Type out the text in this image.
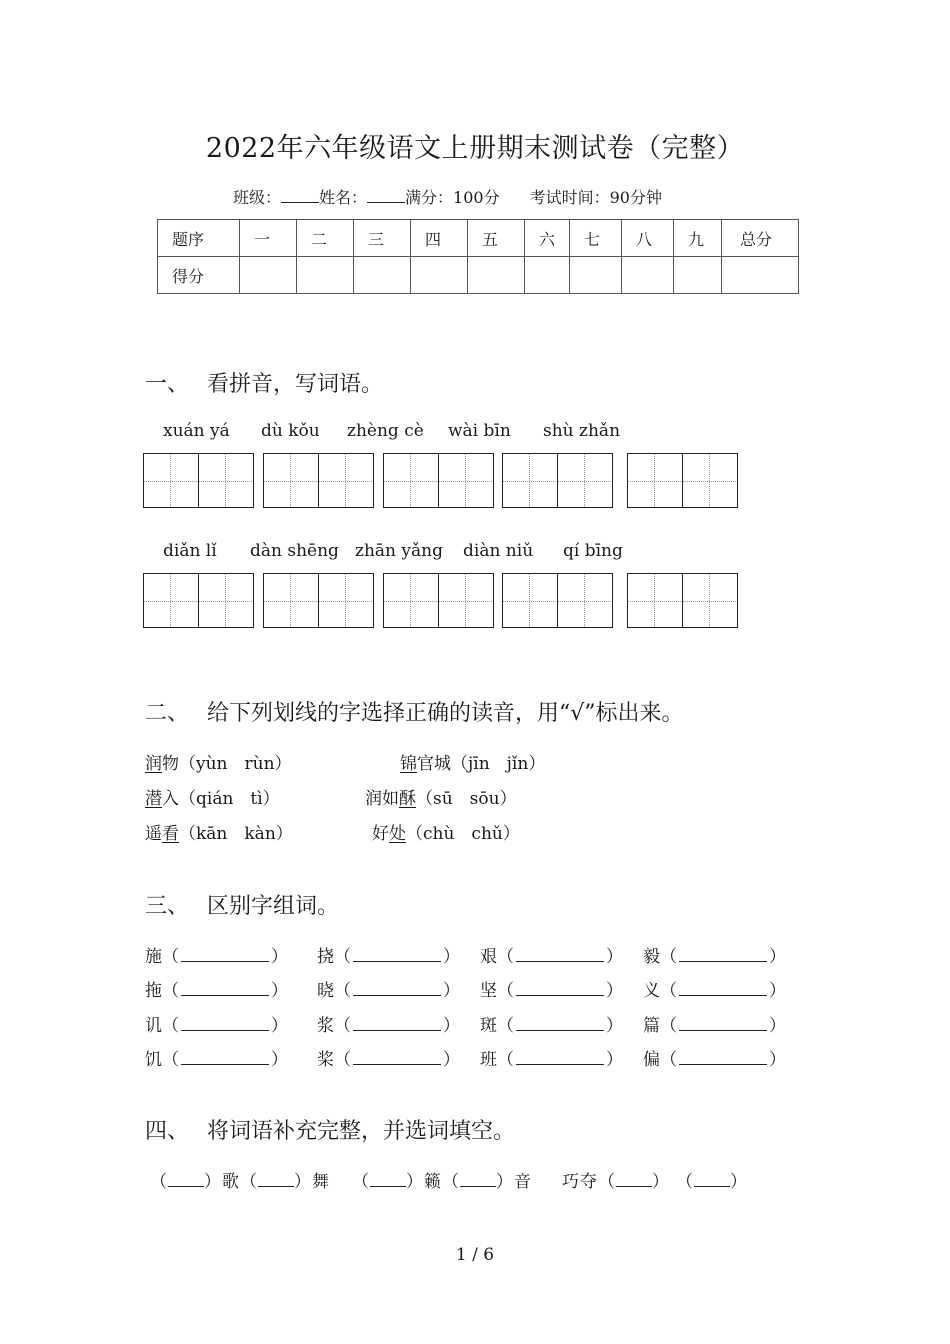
2022年六年级语文上册期末测试卷（完整）
班级： 姓名： 满分：100分 考试时间：90分钟
题序	一	二	三	四	五	六	七	八	九	总分
得分										
一、 看拼音，写词语。
xuán yá dù kǒu zhèng cè wài bīn shù zhǎn
diǎn lǐ dàn shēng zhān yǎng diàn niǔ qí bīng
二、 给下列划线的字选择正确的读音，用“√”标出来。
润物（yùn　rùn）	锦官城（jīn　jǐn）
潜入（qián　tì）	润如酥（sū　sōu）
遥看（kān　kàn）	好处（chù　chǔ）
三、 区别字组词。
施（	） 挠（	） 艰（	） 毅（	）
拖（	） 晓（	） 坚（	） 义（	）
讥（	） 浆（	） 斑（	） 篇（	）
饥（	） 桨（	） 班（	） 偏（	）
四、 将词语补充完整，并选词填空。
（ ）歌（ ）舞 （ ）籁（ ）音 巧夺（ ） （ ）
1 / 6
